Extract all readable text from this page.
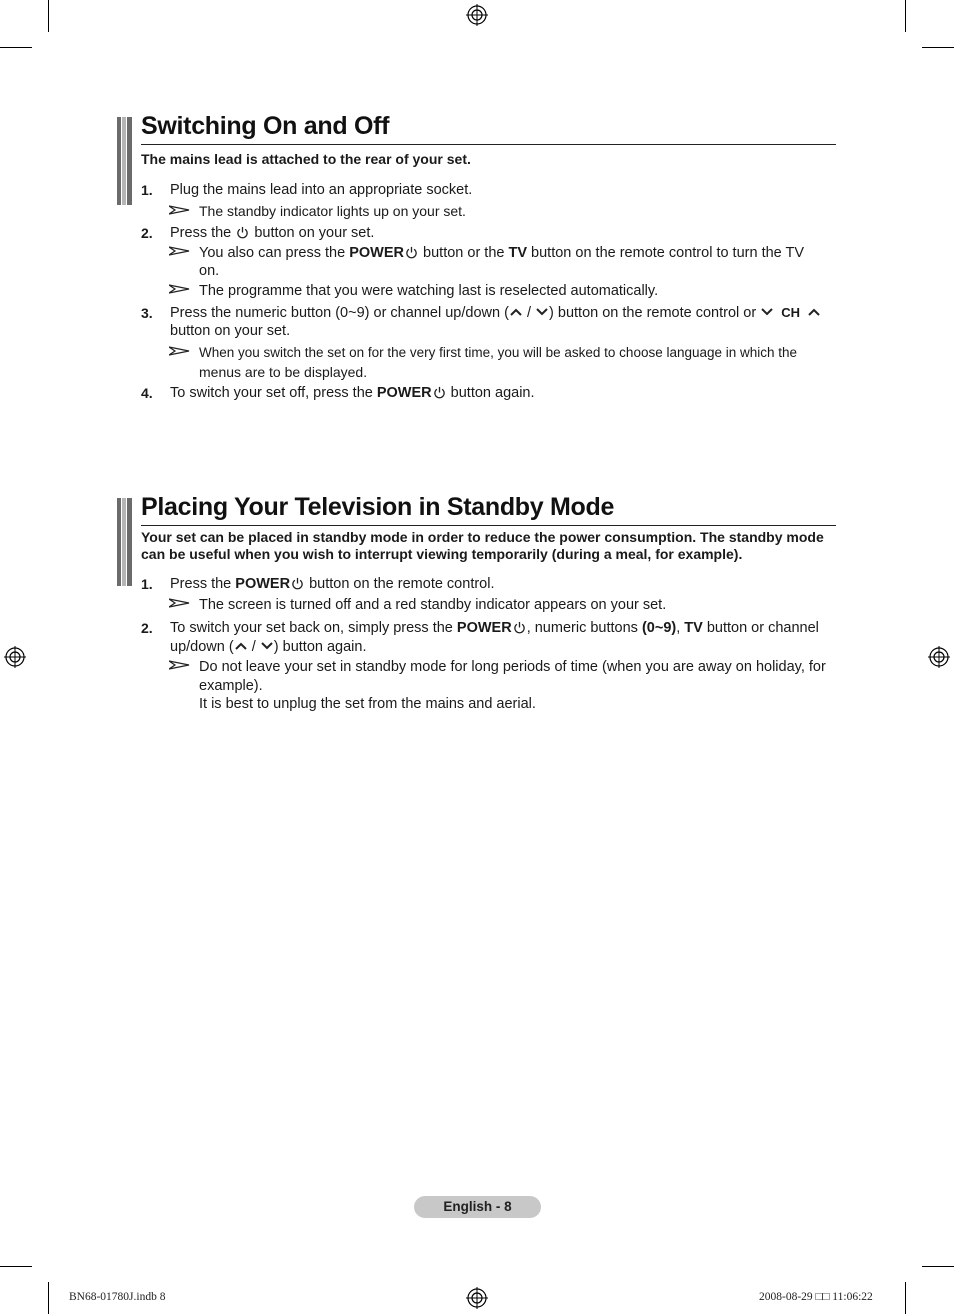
Switching On and Off
The mains lead is attached to the rear of your set.
1. Plug the mains lead into an appropriate socket.
The standby indicator lights up on your set.
2. Press the button on your set.
You also can press the POWER button or the TV button on the remote control to turn the TV
on.
The programme that you were watching last is reselected automatically.
3. Press the numeric button (0~9) or channel up/down ( / ) button on the remote control or CH
button on your set.
When you switch the set on for the very first time, you will be asked to choose language in which the
menus are to be displayed.
4. To switch your set off, press the POWER button again.
Placing Your Television in Standby Mode
Your set can be placed in standby mode in order to reduce the power consumption. The standby mode can be useful when you wish to interrupt viewing temporarily (during a meal, for example).
1. Press the POWER button on the remote control.
The screen is turned off and a red standby indicator appears on your set.
2. To switch your set back on, simply press the POWER , numeric buttons (0~9), TV button or channel
up/down ( / ) button again.
Do not leave your set in standby mode for long periods of time (when you are away on holiday, for
example).
It is best to unplug the set from the mains and aerial.
English - 8
BN68-01780J.indb 8	2008-08-29 □□ 11:06:22
